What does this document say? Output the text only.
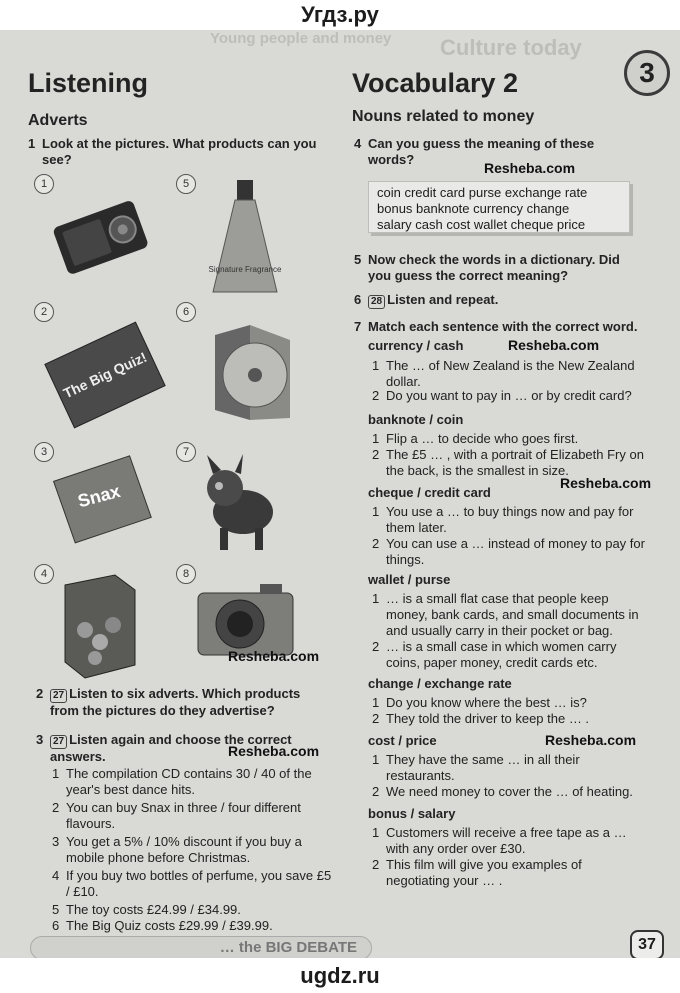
Угдз.ру
Culture today
Young people and money
3
Listening
Adverts
1 Look at the pictures. What products can you see?
1	5
2	6
3	7
4	8
Signature Fragrance
The Big Quiz!
Snax
Resheba.com
2 27 Listen to six adverts. Which products from the pictures do they advertise?
3 27 Listen again and choose the correct answers.	Resheba.com
1 The compilation CD contains 30 / 40 of the year's best dance hits.
2 You can buy Snax in three / four different flavours.
3 You get a 5% / 10% discount if you buy a mobile phone before Christmas.
4 If you buy two bottles of perfume, you save £5 / £10.
5 The toy costs £24.99 / £34.99.
6 The Big Quiz costs £29.99 / £39.99.
… the BIG DEBATE
Vocabulary 2
Nouns related to money
4 Can you guess the meaning of these words?
Resheba.com
coin credit card purse exchange rate
bonus banknote currency change
salary cash cost wallet cheque price
5 Now check the words in a dictionary. Did you guess the correct meaning?
6 28 Listen and repeat.
7 Match each sentence with the correct word.
currency / cash	Resheba.com
1 The … of New Zealand is the New Zealand dollar.
2 Do you want to pay in … or by credit card?
banknote / coin
1 Flip a … to decide who goes first.
2 The £5 … , with a portrait of Elizabeth Fry on the back, is the smallest in size.
Resheba.com
cheque / credit card
1 You use a … to buy things now and pay for them later.
2 You can use a … instead of money to pay for things.
wallet / purse
1 … is a small flat case that people keep money, bank cards, and small documents in and usually carry in their pocket or bag.
2 … is a small case in which women carry coins, paper money, credit cards etc.
change / exchange rate
1 Do you know where the best … is?
2 They told the driver to keep the … .
cost / price	Resheba.com
1 They have the same … in all their restaurants.
2 We need money to cover the … of heating.
bonus / salary
1 Customers will receive a free tape as a … with any order over £30.
2 This film will give you examples of negotiating your … .
37
ugdz.ru
